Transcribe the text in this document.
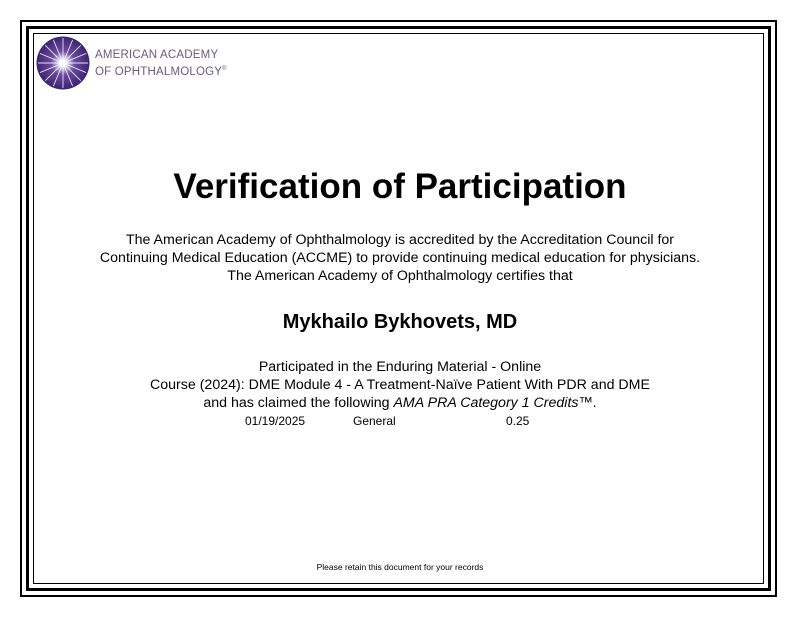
AMERICAN ACADEMY
OF OPHTHALMOLOGY®
Verification of Participation
The American Academy of Ophthalmology is accredited by the Accreditation Council for
Continuing Medical Education (ACCME) to provide continuing medical education for physicians.
The American Academy of Ophthalmology certifies that
Mykhailo Bykhovets, MD
Participated in the Enduring Material - Online
Course (2024): DME Module 4 - A Treatment-Naïve Patient With PDR and DME
and has claimed the following AMA PRA Category 1 Credits™.
01/19/2025	General	0.25
Please retain this document for your records
